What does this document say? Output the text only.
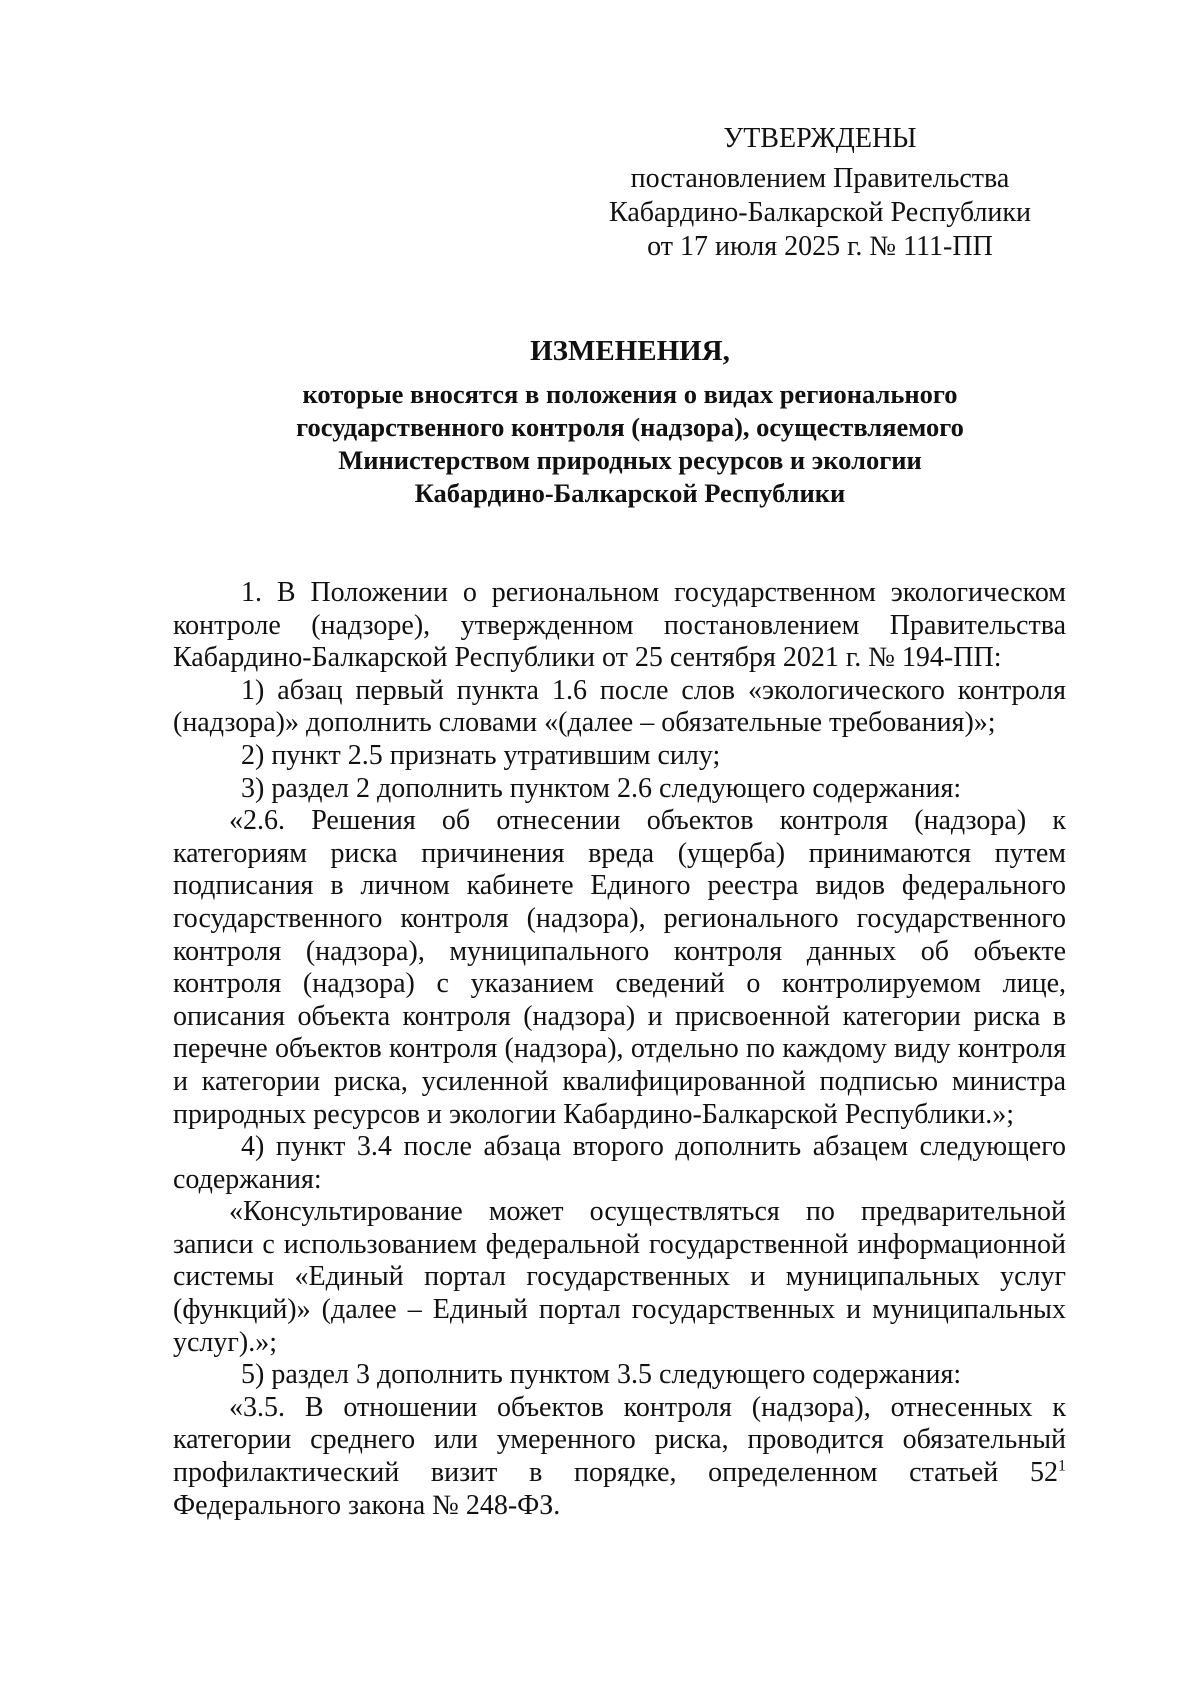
УТВЕРЖДЕНЫ
постановлением Правительства
Кабардино-Балкарской Республики
от 17 июля 2025 г. № 111-ПП
ИЗМЕНЕНИЯ,
которые вносятся в положения о видах регионального
государственного контроля (надзора), осуществляемого
Министерством природных ресурсов и экологии
Кабардино-Балкарской Республики

1. В Положении о региональном государственном экологическом контроле (надзоре), утвержденном постановлением Правительства Кабардино-Балкарской Республики от 25 сентября 2021 г. № 194-ПП:

1) абзац первый пункта 1.6 после слов «экологического контроля (надзора)» дополнить словами «(далее – обязательные требования)»;

2) пункт 2.5 признать утратившим силу;

3) раздел 2 дополнить пунктом 2.6 следующего содержания:

«2.6. Решения об отнесении объектов контроля (надзора) к категориям риска причинения вреда (ущерба) принимаются путем подписания в личном кабинете Единого реестра видов федерального государственного контроля (надзора), регионального государственного контроля (надзора), муниципального контроля данных об объекте контроля (надзора) с указанием сведений о контролируемом лице, описания объекта контроля (надзора) и присвоенной категории риска в перечне объектов контроля (надзора), отдельно по каждому виду контроля и категории риска, усиленной квалифицированной подписью министра природных ресурсов и экологии Кабардино-Балкарской Республики.»;

4) пункт 3.4 после абзаца второго дополнить абзацем следующего содержания:

«Консультирование может осуществляться по предварительной записи с использованием федеральной государственной информационной системы «Единый портал государственных и муниципальных услуг (функций)» (далее – Единый портал государственных и муниципальных услуг).»;

5) раздел 3 дополнить пунктом 3.5 следующего содержания:

«3.5. В отношении объектов контроля (надзора), отнесенных к категории среднего или умеренного риска, проводится обязательный профилактический визит в порядке, определенном статьей $52^1$ Федерального закона № 248-ФЗ.
